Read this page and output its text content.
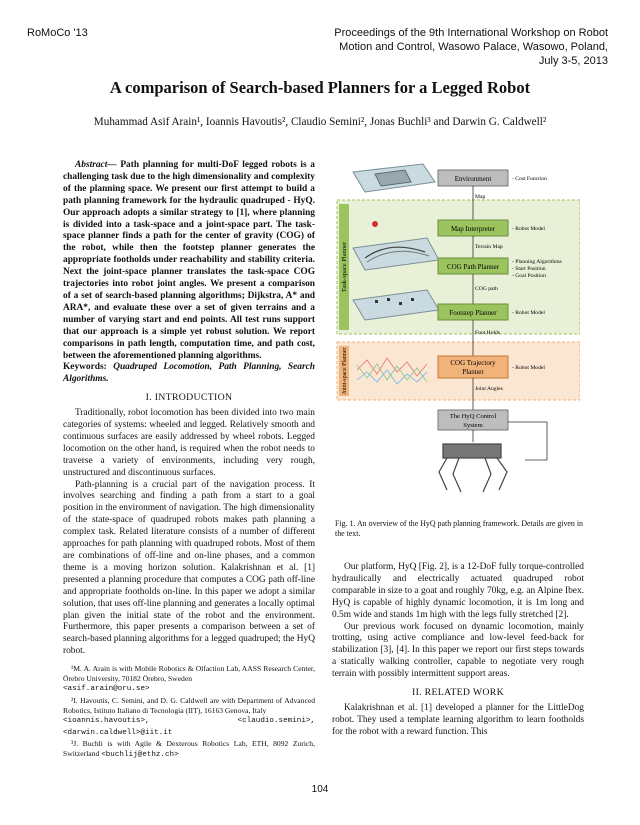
RoMoCo '13	Proceedings of the 9th International Workshop on Robot
Motion and Control, Wasowo Palace, Wasowo, Poland,
July 3-5, 2013
A comparison of Search-based Planners for a Legged Robot
Muhammad Asif Arain¹, Ioannis Havoutis², Claudio Semini², Jonas Buchli³ and Darwin G. Caldwell²

Abstract— Path planning for multi-DoF legged robots is a challenging task due to the high dimensionality and complexity of the planning space. We present our first attempt to build a path planning framework for the hydraulic quadruped - HyQ. Our approach adopts a similar strategy to [1], where planning is divided into a task-space and a joint-space part. The task-space planner finds a path for the center of gravity (COG) of the robot, while then the footstep planner generates the appropriate footholds under reachability and stability criteria. Next the joint-space planner translates the task-space COG trajectories into robot joint angles. We present a comparison of a set of search-based planning algorithms; Dijkstra, A* and ARA*, and evaluate these over a set of given terrains and a number of varying start and end points. All test runs support that our approach is a simple yet robust solution. We report comparisons in path length, computation time, and path cost, between the aforementioned planning algorithms.

Keywords: Quadruped Locomotion, Path Planning, Search Algorithms.

I. INTRODUCTION

Traditionally, robot locomotion has been divided into two main categories of systems: wheeled and legged. Relatively smooth and continuous surfaces are easily addressed by wheel robots. Legged locomotion on the other hand, is required when the robot needs to traverse a variety of environments, including very rough, unstructured and discontinuous surfaces.

Path-planning is a crucial part of the navigation process. It involves searching and finding a path from a start to a goal position in the environment of navigation. The high dimensionality of the state-space of quadruped robots makes path planning a complex task. Related literature consists of a number of different approaches for path planning with quadruped robots. Most of them are combinations of off-line and on-line phases, and a common theme is a moving horizon solution. Kalakrishnan et al. [1] presented a planning procedure that computes a COG path off-line and appropriate footholds on-line. In this paper we adopt a similar solution, that uses off-line planning and generates a locally optimal plan given the initial state of the robot and the environment. Furthermore, this paper presents a comparison between a set of search-based planning algorithms for a legged quadruped; the HyQ robot.

¹M. A. Arain is with Mobile Robotics & Olfaction Lab, AASS Research Center, Örebro University, 70182 Örebro, Sweden
<asif.arain@oru.se>

²I. Havoutis, C. Semini, and D. G. Caldwell are with Department of Advanced Robotics, Istituto Italiano di Tecnologia (IIT), 16163 Genova, Italy
<ioannis.havoutis>, <claudio.semini>, <darwin.caldwell>@iit.it

³J. Buchli is with Agile & Dexterous Robotics Lab, ETH, 8092 Zurich, Switzerland <buchlij@ethz.ch>

Task-space Planner
Joint-space Planner
Environment	- Cost Function
Map
Map Interpreter	- Robot Model
Terrain Map
COG Path Planner
- Planning Algorithms
- Start Position
- Goal Position
COG path
Footstep Planner	- Robot Model
Foot Holds
COG Trajectory
Planner	- Robot Model
Joint Angles
The HyQ Control
System
Fig. 1. An overview of the HyQ path planning framework. Details are given in the text.

Our platform, HyQ [Fig. 2], is a 12-DoF fully torque-controlled hydraulically and electrically actuated quadruped robot comparable in size to a goat and roughly 70kg, e.g. an Alpine Ibex. HyQ is capable of highly dynamic locomotion, it is 1m long and 0.5m wide and stands 1m high with the legs fully stretched [2].

Our previous work focused on dynamic locomotion, mainly trotting, using active compliance and low-level feed-back for stabilization [3], [4]. In this paper we report our first steps towards a statically walking controller, capable to negotiate very rough terrain with possibly intermittent support areas.

II. RELATED WORK

Kalakrishnan et al. [1] developed a planner for the LittleDog robot. They used a template learning algorithm to learn footholds for the robot with a reward function. This

104
